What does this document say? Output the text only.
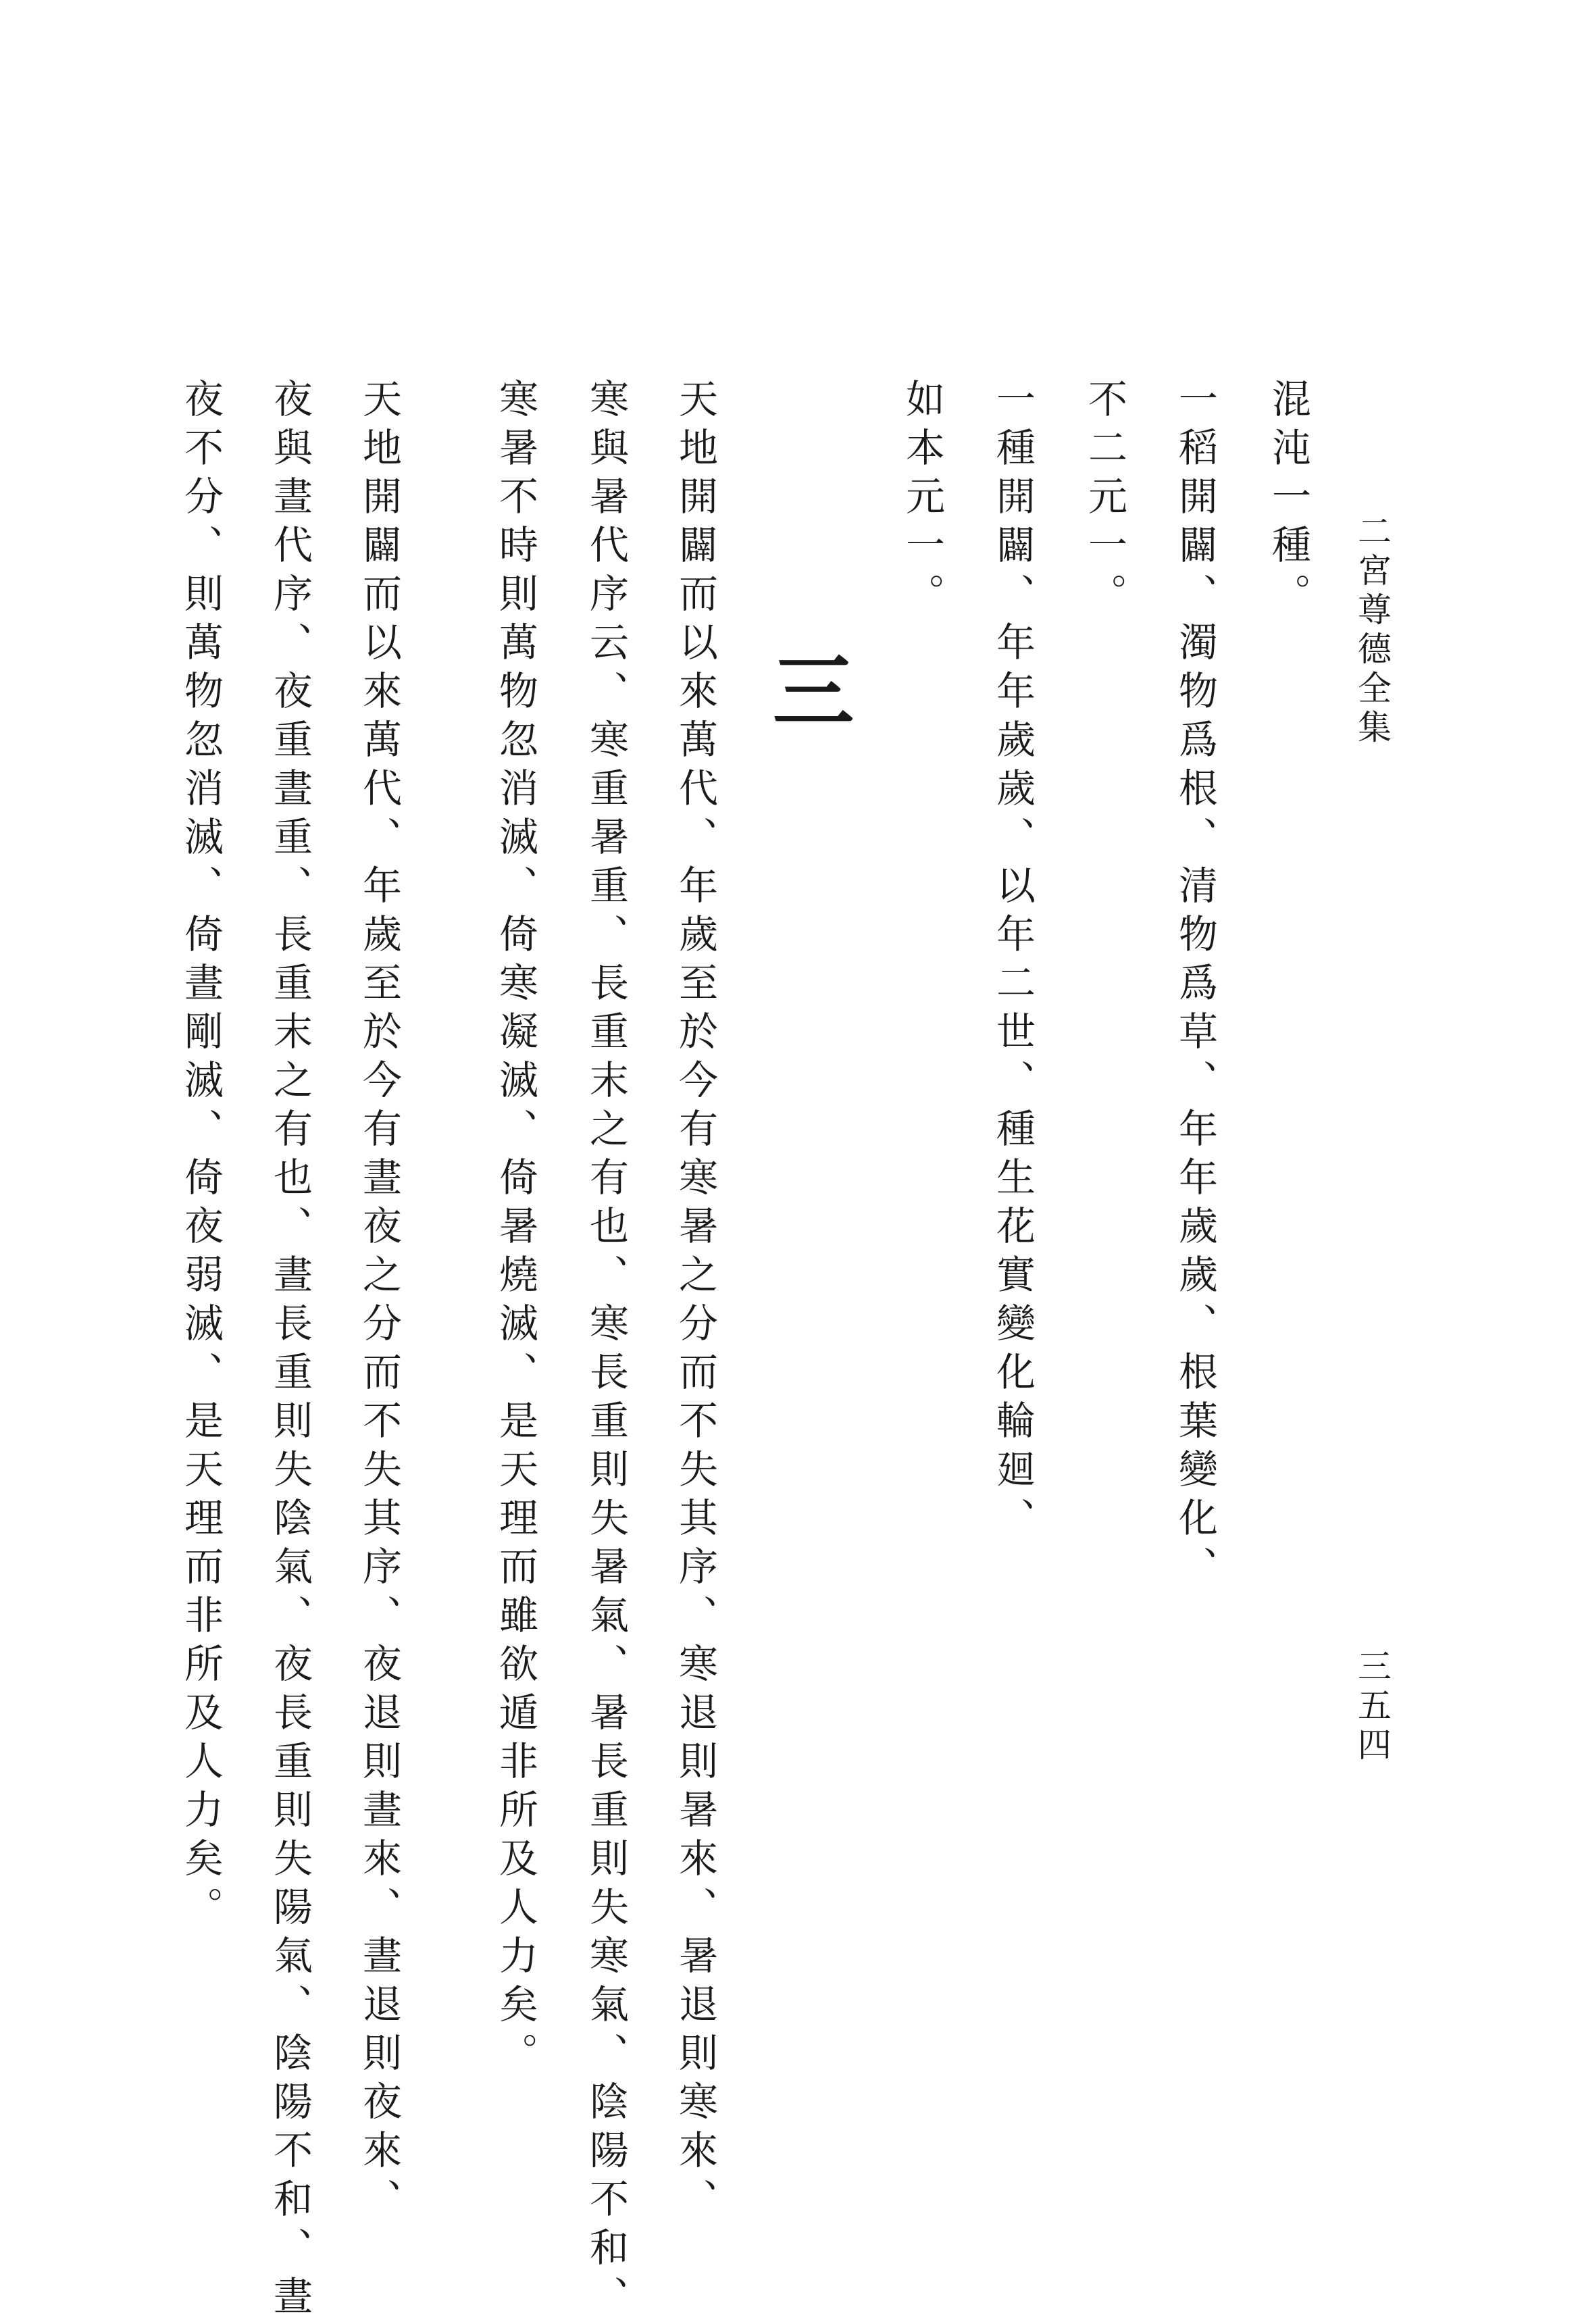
二宮尊德全集
三五四
混沌一種。
一稻開闢、濁物爲根、清物爲草、年年歲歲、根葉變化、
不二元一。
一種開闢、年年歲歲、以年二世、種生花實變化輪廻、
如本元一。
三
天地開闢而以來萬代、年歲至於今有寒暑之分而不失其序、寒退則暑來、暑退則寒來、
寒與暑代序云、寒重暑重、長重末之有也、寒長重則失暑氣、暑長重則失寒氣、陰陽不和、
寒暑不時則萬物忽消滅、倚寒凝滅、倚暑燒滅、是天理而雖欲遁非所及人力矣。
天地開闢而以來萬代、年歲至於今有晝夜之分而不失其序、夜退則晝來、晝退則夜來、
夜與晝代序、夜重晝重、長重末之有也、晝長重則失陰氣、夜長重則失陽氣、陰陽不和、晝
夜不分、則萬物忽消滅、倚晝剛滅、倚夜弱滅、是天理而非所及人力矣。
